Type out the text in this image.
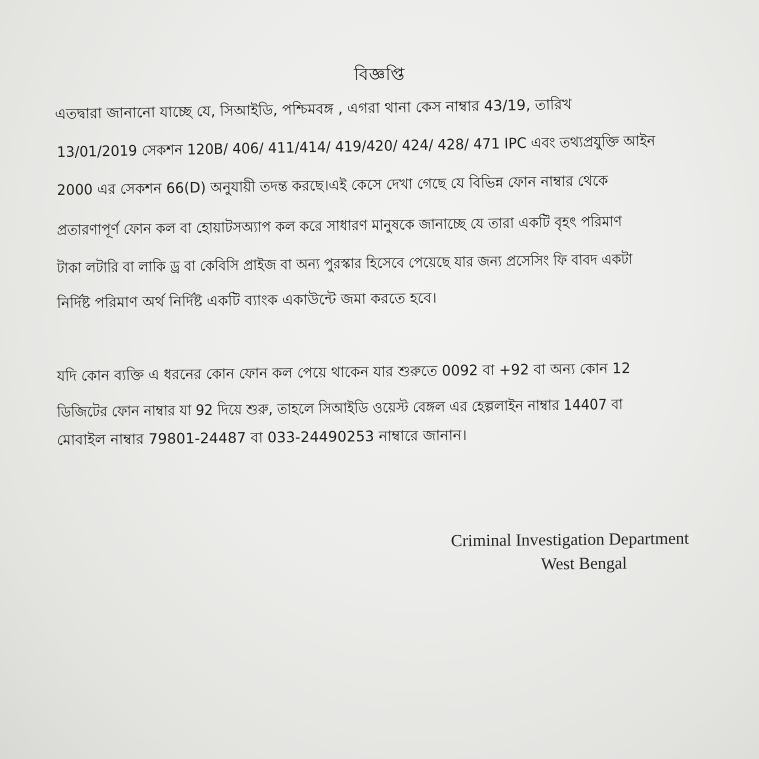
বিজ্ঞপ্তি
এতদ্বারা জানানো যাচ্ছে যে, সিআইডি, পশ্চিমবঙ্গ , এগরা থানা কেস নাম্বার 43/19, তারিখ
13/01/2019 সেকশন 120B/ 406/ 411/414/ 419/420/ 424/ 428/ 471 IPC এবং তথ্যপ্রযুক্তি আইন
2000 এর সেকশন 66(D) অনুযায়ী তদন্ত করছে।এই কেসে দেখা গেছে যে বিভিন্ন ফোন নাম্বার থেকে
প্রতারণাপূর্ণ ফোন কল বা হোয়াটসঅ্যাপ কল করে সাধারণ মানুষকে জানাচ্ছে যে তারা একটি বৃহৎ পরিমাণ
টাকা লটারি বা লাকি ড্র বা কেবিসি প্রাইজ বা অন্য পুরস্কার হিসেবে পেয়েছে যার জন্য প্রসেসিং ফি বাবদ একটা
নির্দিষ্ট পরিমাণ অর্থ নির্দিষ্ট একটি ব্যাংক একাউন্টে জমা করতে হবে।
যদি কোন ব্যক্তি এ ধরনের কোন ফোন কল পেয়ে থাকেন যার শুরুতে 0092 বা +92 বা অন্য কোন 12
ডিজিটের ফোন নাম্বার যা 92 দিয়ে শুরু, তাহলে সিআইডি ওয়েস্ট বেঙ্গল এর হেল্পলাইন নাম্বার 14407 বা
মোবাইল নাম্বার 79801-24487 বা 033-24490253 নাম্বারে জানান।
Criminal Investigation Department
West Bengal
